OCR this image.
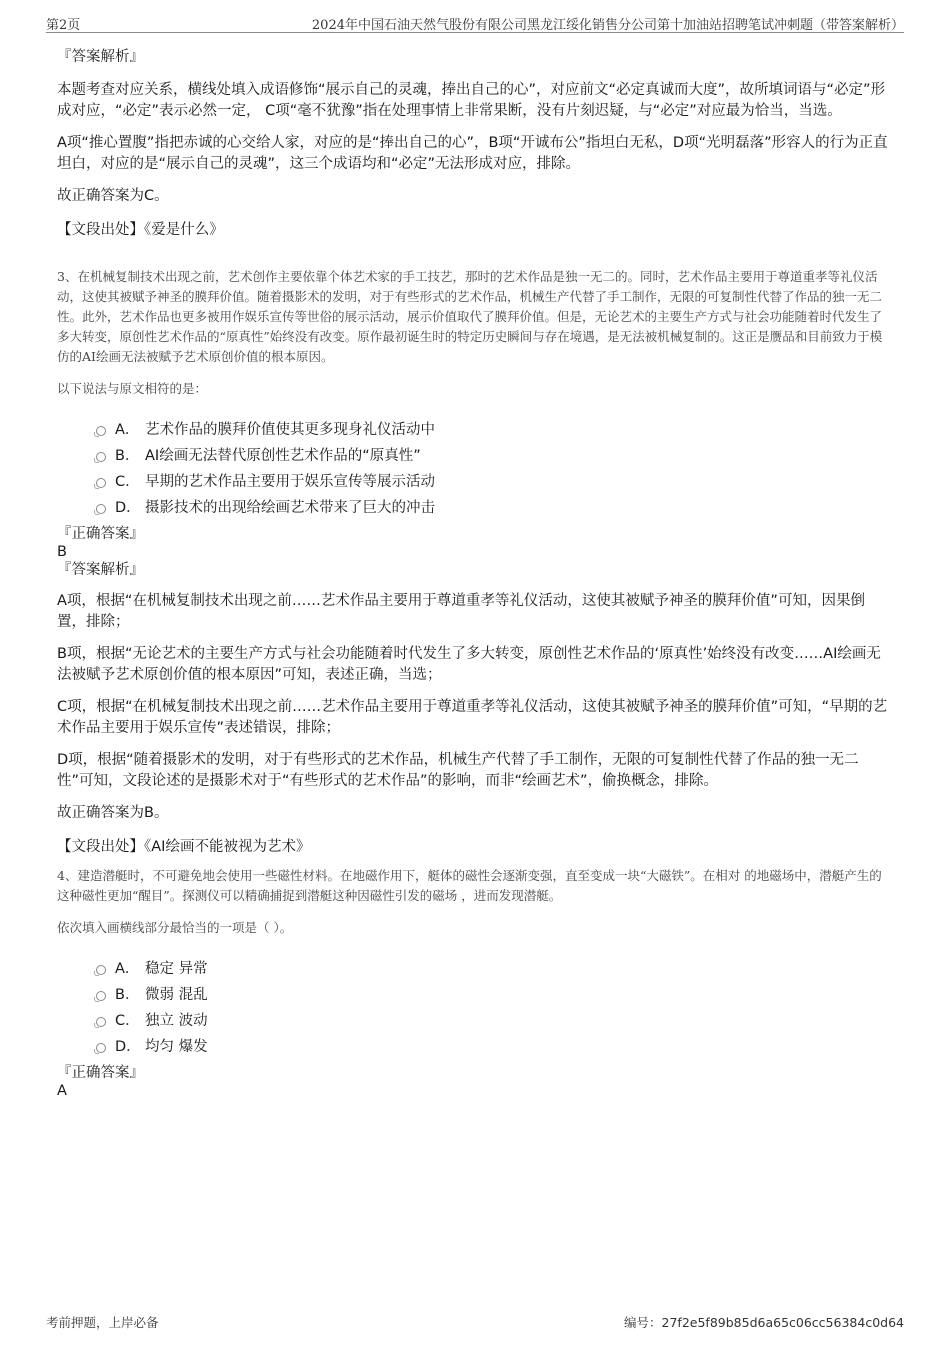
第2页	2024年中国石油天然气股份有限公司黑龙江绥化销售分公司第十加油站招聘笔试冲刺题（带答案解析）

『答案解析』

本题考查对应关系，横线处填入成语修饰“展示自己的灵魂，捧出自己的心”，对应前文“必定真诚而大度”，故所填词语与“必定”形成对应，“必定”表示必然一定， C项“毫不犹豫”指在处理事情上非常果断，没有片刻迟疑，与“必定”对应最为恰当，当选。

A项“推心置腹”指把赤诚的心交给人家，对应的是“捧出自己的心”，B项“开诚布公”指坦白无私，D项“光明磊落”形容人的行为正直坦白，对应的是“展示自己的灵魂”，这三个成语均和“必定”无法形成对应，排除。

故正确答案为C。

【文段出处】《爱是什么》

3、在机械复制技术出现之前，艺术创作主要依靠个体艺术家的手工技艺，那时的艺术作品是独一无二的。同时，艺术作品主要用于尊道重孝等礼仪活动，这使其被赋予神圣的膜拜价值。随着摄影术的发明，对于有些形式的艺术作品，机械生产代替了手工制作，无限的可复制性代替了作品的独一无二性。此外，艺术作品也更多被用作娱乐宣传等世俗的展示活动，展示价值取代了膜拜价值。但是，无论艺术的主要生产方式与社会功能随着时代发生了多大转变，原创性艺术作品的“原真性”始终没有改变。原作最初诞生时的特定历史瞬间与存在境遇，是无法被机械复制的。这正是赝品和目前致力于模仿的AI绘画无法被赋予艺术原创价值的根本原因。

以下说法与原文相符的是：

A． 艺术作品的膜拜价值使其更多现身礼仪活动中
B． AI绘画无法替代原创性艺术作品的“原真性”
C． 早期的艺术作品主要用于娱乐宣传等展示活动
D． 摄影技术的出现给绘画艺术带来了巨大的冲击

『正确答案』

B

『答案解析』

A项，根据“在机械复制技术出现之前……艺术作品主要用于尊道重孝等礼仪活动，这使其被赋予神圣的膜拜价值”可知，因果倒置，排除；

B项，根据“无论艺术的主要生产方式与社会功能随着时代发生了多大转变，原创性艺术作品的‘原真性’始终没有改变……AI绘画无法被赋予艺术原创价值的根本原因”可知，表述正确，当选；

C项，根据“在机械复制技术出现之前……艺术作品主要用于尊道重孝等礼仪活动，这使其被赋予神圣的膜拜价值”可知，“早期的艺术作品主要用于娱乐宣传”表述错误，排除；

D项，根据“随着摄影术的发明，对于有些形式的艺术作品，机械生产代替了手工制作，无限的可复制性代替了作品的独一无二性”可知，文段论述的是摄影术对于“有些形式的艺术作品”的影响，而非“绘画艺术”，偷换概念，排除。

故正确答案为B。

【文段出处】《AI绘画不能被视为艺术》

4、建造潜艇时，不可避免地会使用一些磁性材料。在地磁作用下，艇体的磁性会逐渐变强，直至变成一块“大磁铁”。在相对 的地磁场中，潜艇产生的这种磁性更加“醒目”。探测仪可以精确捕捉到潜艇这种因磁性引发的磁场 ，进而发现潜艇。

依次填入画横线部分最恰当的一项是（ ）。

A． 稳定 异常
B． 微弱 混乱
C． 独立 波动
D． 均匀 爆发

『正确答案』

A

考前押题，上岸必备	编号：27f2e5f89b85d6a65c06cc56384c0d64
